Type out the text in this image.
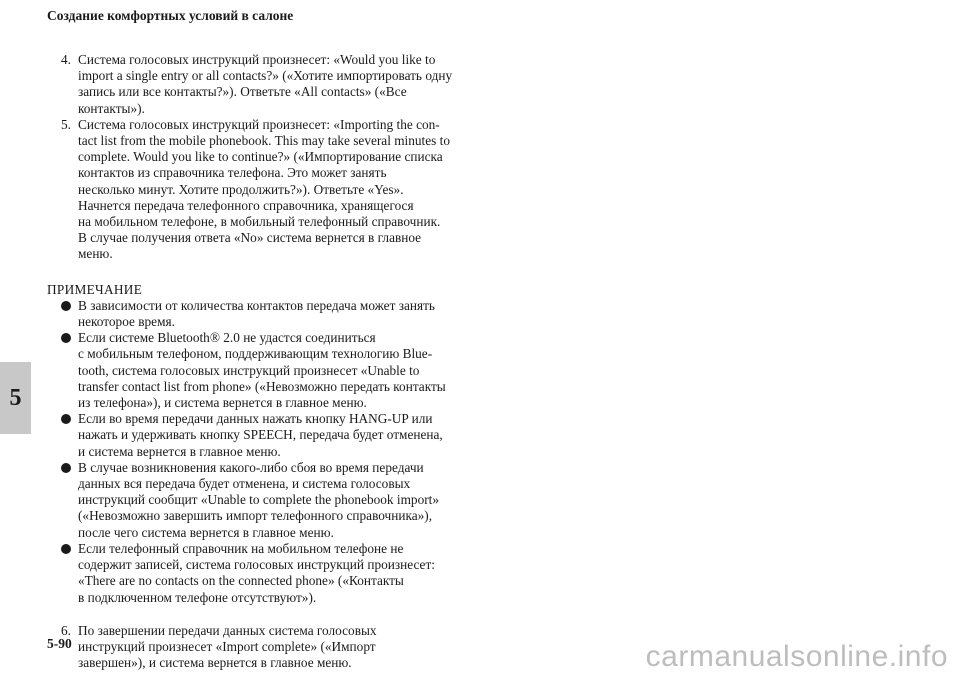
Создание комфортных условий в салоне
5
4. Система голосовых инструкций произнесет: «Would you like to
import a single entry or all contacts?» («Хотите импортировать одну
запись или все контакты?»). Ответьте «All contacts» («Все
контакты»).
5. Система голосовых инструкций произнесет: «Importing the con-
tact list from the mobile phonebook. This may take several minutes to
complete. Would you like to continue?» («Импортирование списка
контактов из справочника телефона. Это может занять
несколько минут. Хотите продолжить?»). Ответьте «Yes».
Начнется передача телефонного справочника, хранящегося
на мобильном телефоне, в мобильный телефонный справочник.
В случае получения ответа «No» система вернется в главное
меню.
ПРИМЕЧАНИЕ
В зависимости от количества контактов передача может занять
некоторое время.
Если системе Bluetooth® 2.0 не удастся соединиться
с мобильным телефоном, поддерживающим технологию Blue-
tooth, система голосовых инструкций произнесет «Unable to
transfer contact list from phone» («Невозможно передать контакты
из телефона»), и система вернется в главное меню.
Если во время передачи данных нажать кнопку HANG-UP или
нажать и удерживать кнопку SPEECH, передача будет отменена,
и система вернется в главное меню.
В случае возникновения какого-либо сбоя во время передачи
данных вся передача будет отменена, и система голосовых
инструкций сообщит «Unable to complete the phonebook import»
(«Невозможно завершить импорт телефонного справочника»),
после чего система вернется в главное меню.
Если телефонный справочник на мобильном телефоне не
содержит записей, система голосовых инструкций произнесет:
«There are no contacts on the connected phone» («Контакты
в подключенном телефоне отсутствуют»).
6. По завершении передачи данных система голосовых
инструкций произнесет «Import complete» («Импорт
завершен»), и система вернется в главное меню.
5-90	carmanualsonline.info
